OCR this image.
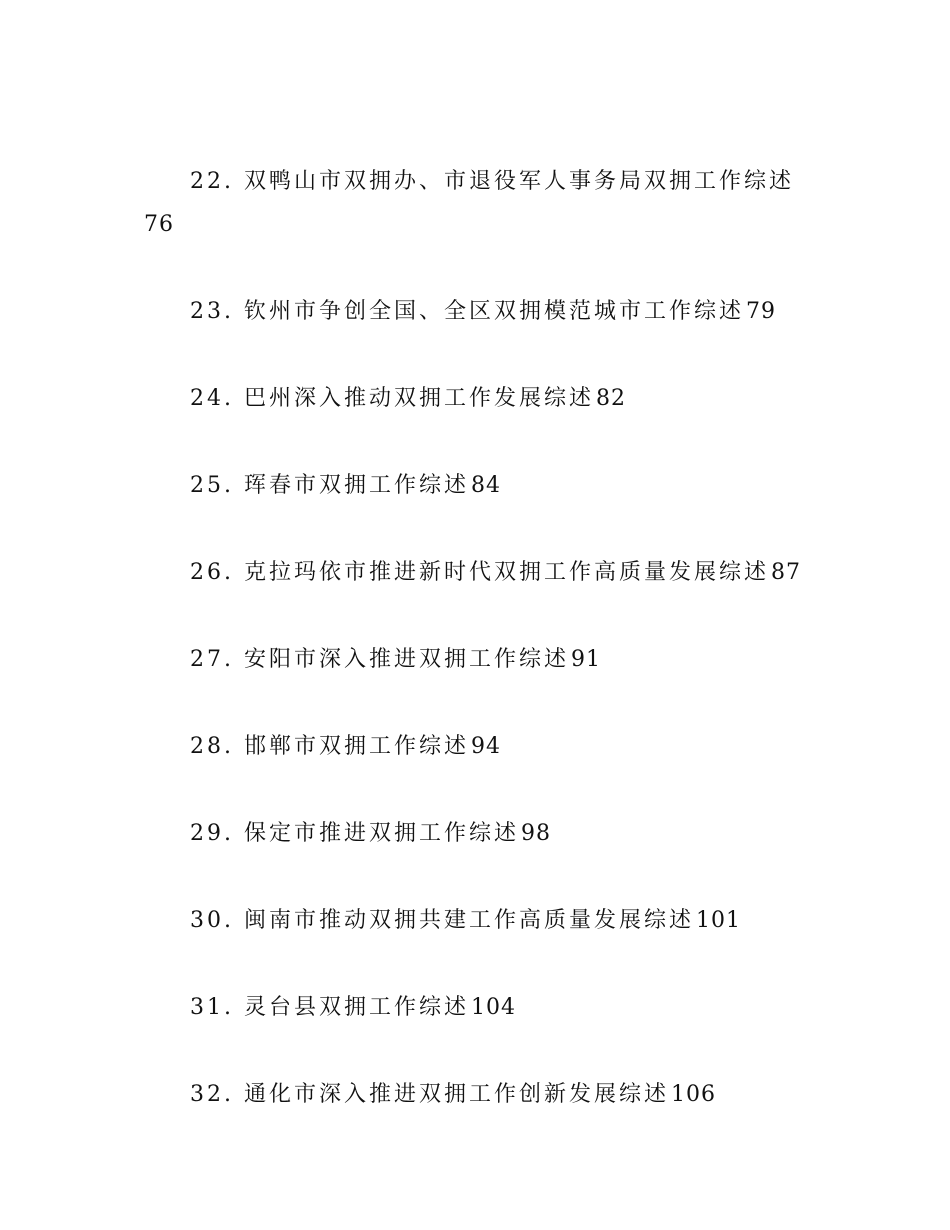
22. 双鸭山市双拥办、市退役军人事务局双拥工作综述
76
23. 钦州市争创全国、全区双拥模范城市工作综述79
24. 巴州深入推动双拥工作发展综述82
25. 珲春市双拥工作综述84
26. 克拉玛依市推进新时代双拥工作高质量发展综述87
27. 安阳市深入推进双拥工作综述91
28. 邯郸市双拥工作综述94
29. 保定市推进双拥工作综述98
30. 闽南市推动双拥共建工作高质量发展综述101
31. 灵台县双拥工作综述104
32. 通化市深入推进双拥工作创新发展综述106
